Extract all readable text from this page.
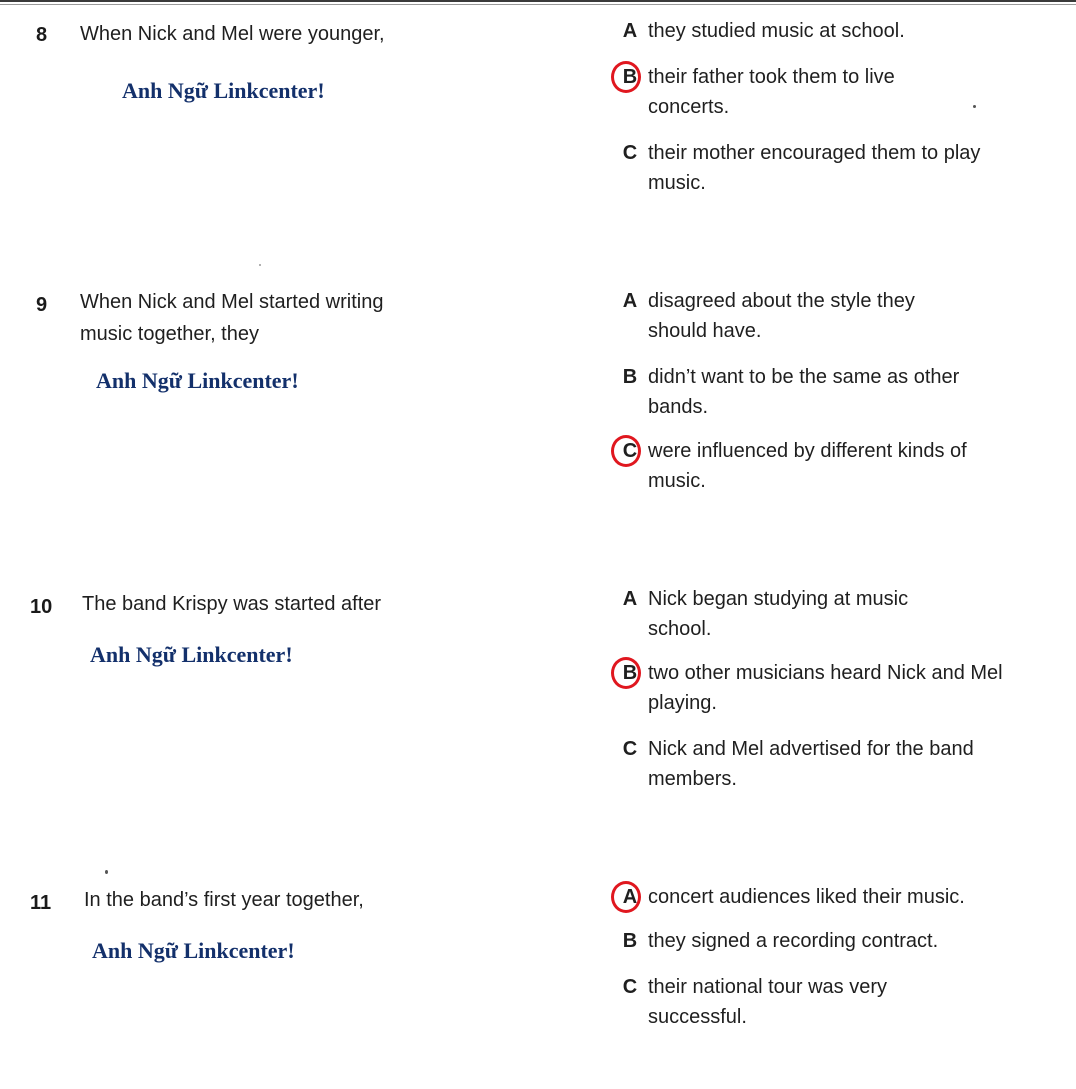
8 When Nick and Mel were younger,
Anh Ngữ Linkcenter!
A they studied music at school.
B their father took them to live concerts.
C their mother encouraged them to play music.
9 When Nick and Mel started writing music together, they
Anh Ngữ Linkcenter!
A disagreed about the style they should have.
B didn’t want to be the same as other bands.
C were influenced by different kinds of music.
10 The band Krispy was started after
Anh Ngữ Linkcenter!
A Nick began studying at music school.
B two other musicians heard Nick and Mel playing.
C Nick and Mel advertised for the band members.
11 In the band’s first year together,
Anh Ngữ Linkcenter!
A concert audiences liked their music.
B they signed a recording contract.
C their national tour was very successful.
